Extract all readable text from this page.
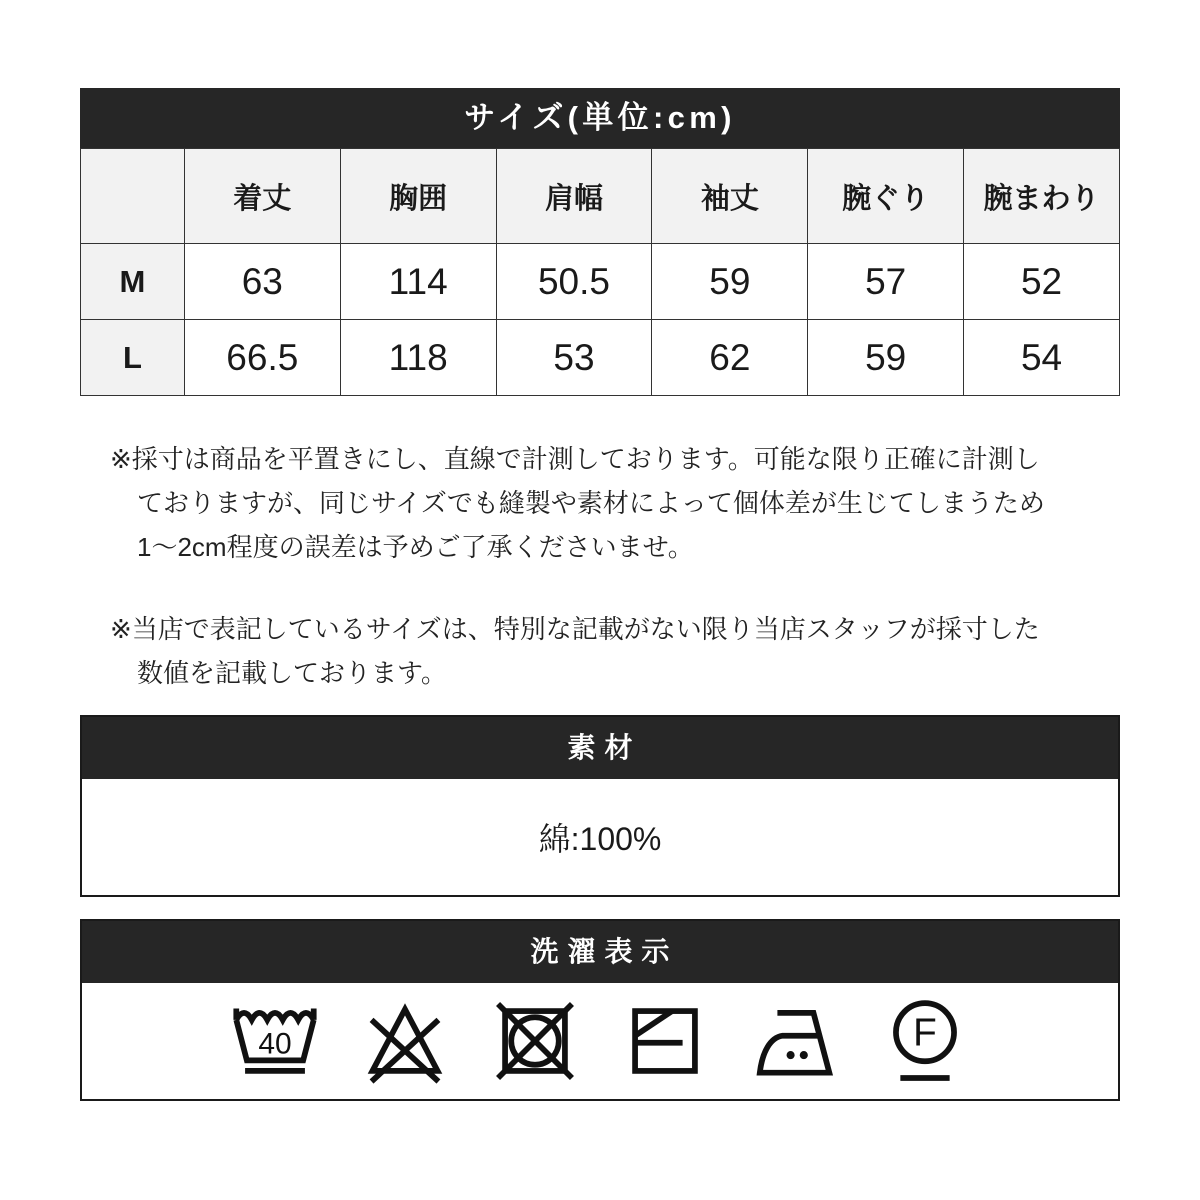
サイズ(単位:cm)
	着丈	胸囲	肩幅	袖丈	腕ぐり	腕まわり
M	63	114	50.5	59	57	52
L	66.5	118	53	62	59	54
※採寸は商品を平置きにし、直線で計測しております。可能な限り正確に計測し
ておりますが、同じサイズでも縫製や素材によって個体差が生じてしまうため
1〜2cm程度の誤差は予めご了承くださいませ。
※当店で表記しているサイズは、特別な記載がない限り当店スタッフが採寸した
数値を記載しております。
素材
綿:100%
洗濯表示
40	F
